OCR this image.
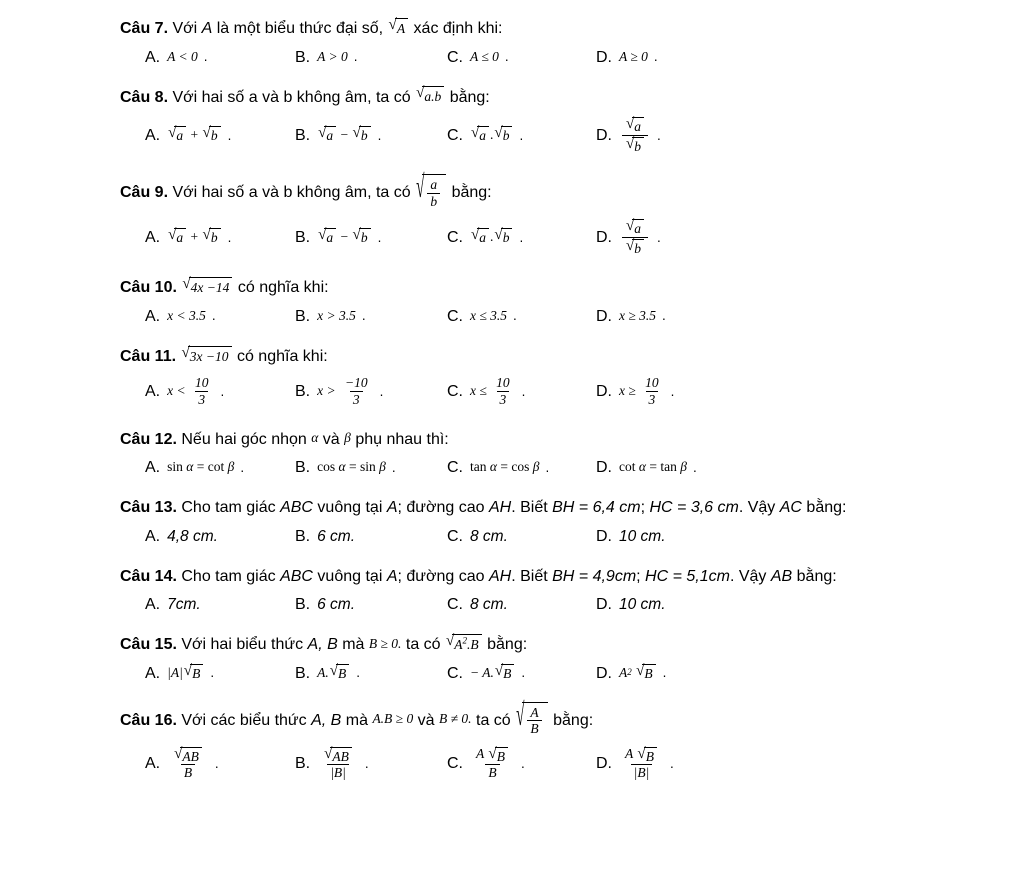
Câu 7. Với A là một biểu thức đại số, √ A xác định khi:
A. A < 0 .	B. A > 0 .	C. A ≤ 0 .	D. A ≥ 0 .
Câu 8. Với hai số a và b không âm, ta có √ a.b bằng:
A. √ a + √ b .	B. √ a − √ b .	C. √ a . √ b .	D. $\frac{√ a}{√ b}$ .
Câu 9. Với hai số a và b không âm, ta có √ $\frac{a}{b}$ bằng:
A. √ a + √ b .	B. √ a − √ b .	C. √ a . √ b .	D. $\frac{√ a}{√ b}$ .
Câu 10. √ 4x −14 có nghĩa khi:
A. x < 3.5 .	B. x > 3.5 .	C. x ≤ 3.5 .	D. x ≥ 3.5 .
Câu 11. √ 3x −10 có nghĩa khi:
A. $x < \frac{10}{3}$ .	B. $x > \frac{-10}{3}$ .	C. $x \le \frac{10}{3}$ .	D. $x \ge \frac{10}{3}$ .
Câu 12. Nếu hai góc nhọn α và β phụ nhau thì:
A. sin α = cot β .	B. cos α = sin β .	C. tan α = cos β .	D. cot α = tan β .
Câu 13. Cho tam giác ABC vuông tại A; đường cao AH. Biết BH = 6,4 cm; HC = 3,6 cm. Vậy AC bằng:
A. 4,8 cm.	B. 6 cm.	C. 8 cm.	D. 10 cm.
Câu 14. Cho tam giác ABC vuông tại A; đường cao AH. Biết BH = 4,9cm; HC = 5,1cm. Vậy AB bằng:
A. 7cm.	B. 6 cm.	C. 8 cm.	D. 10 cm.
Câu 15. Với hai biểu thức A, B mà B ≥ 0. ta có √ $A^2.B$ bằng:
A. |A| √ B .	B. A. √ B .	C. − A. √ B .	D. A 2
√ B .
Câu 16. Với các biểu thức A, B mà A.B ≥ 0 và B ≠ 0. ta có √ $\frac{A}{B}$ bằng:
A. $\frac{√ AB}{B}$ .	B. $\frac{√ AB}{|B|}$ .	C. $\frac{A √ B}{B}$ .	D. $\frac{A √ B}{|B|}$ .
